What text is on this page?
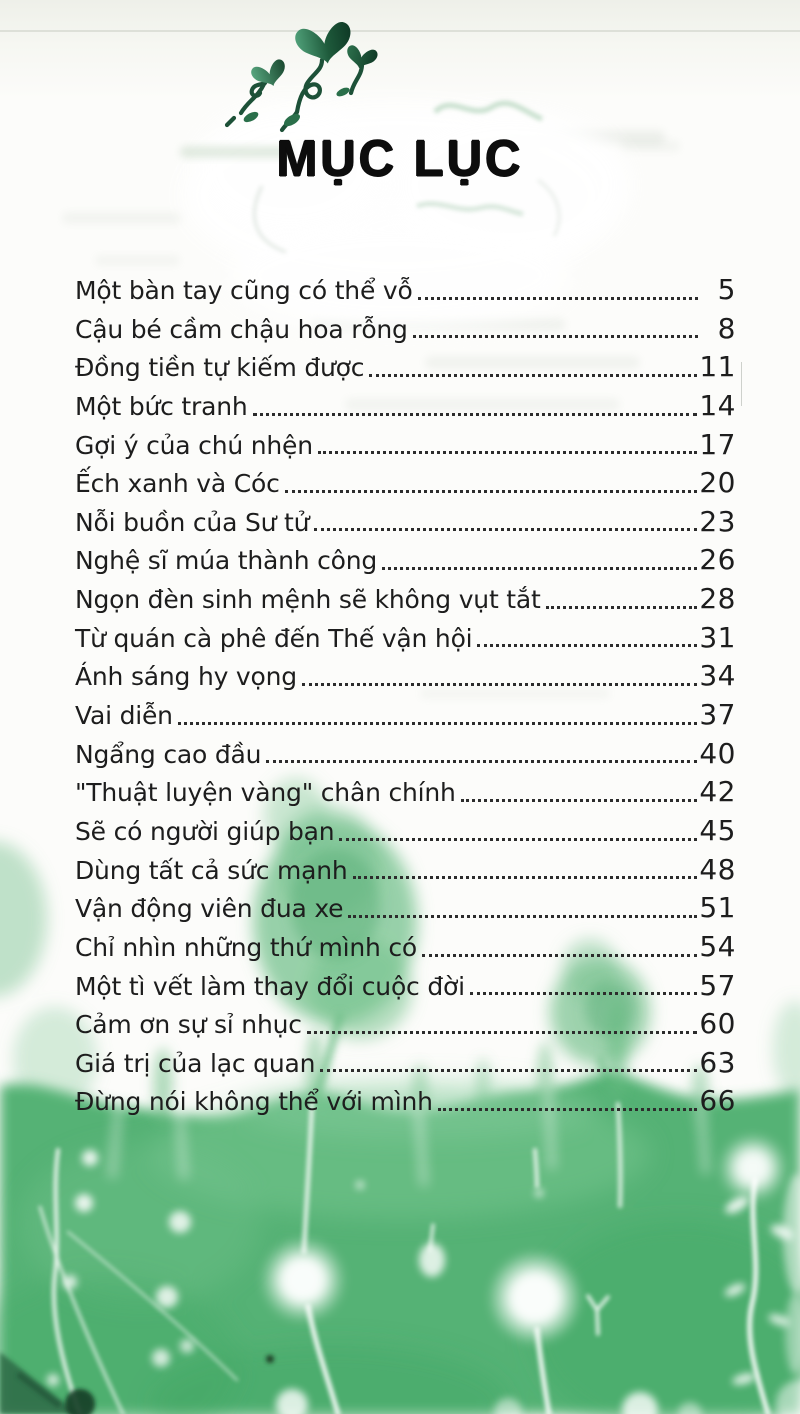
MỤC LỤC
Một bàn tay cũng có thể vỗ	5
Cậu bé cầm chậu hoa rỗng	8
Đồng tiền tự kiếm được	11
Một bức tranh	14
Gợi ý của chú nhện	17
Ếch xanh và Cóc	20
Nỗi buồn của Sư tử	23
Nghệ sĩ múa thành công	26
Ngọn đèn sinh mệnh sẽ không vụt tắt	28
Từ quán cà phê đến Thế vận hội	31
Ánh sáng hy vọng	34
Vai diễn	37
Ngẩng cao đầu	40
"Thuật luyện vàng" chân chính	42
Sẽ có người giúp bạn	45
Dùng tất cả sức mạnh	48
Vận động viên đua xe	51
Chỉ nhìn những thứ mình có	54
Một tì vết làm thay đổi cuộc đời	57
Cảm ơn sự sỉ nhục	60
Giá trị của lạc quan	63
Đừng nói không thể với mình	66
